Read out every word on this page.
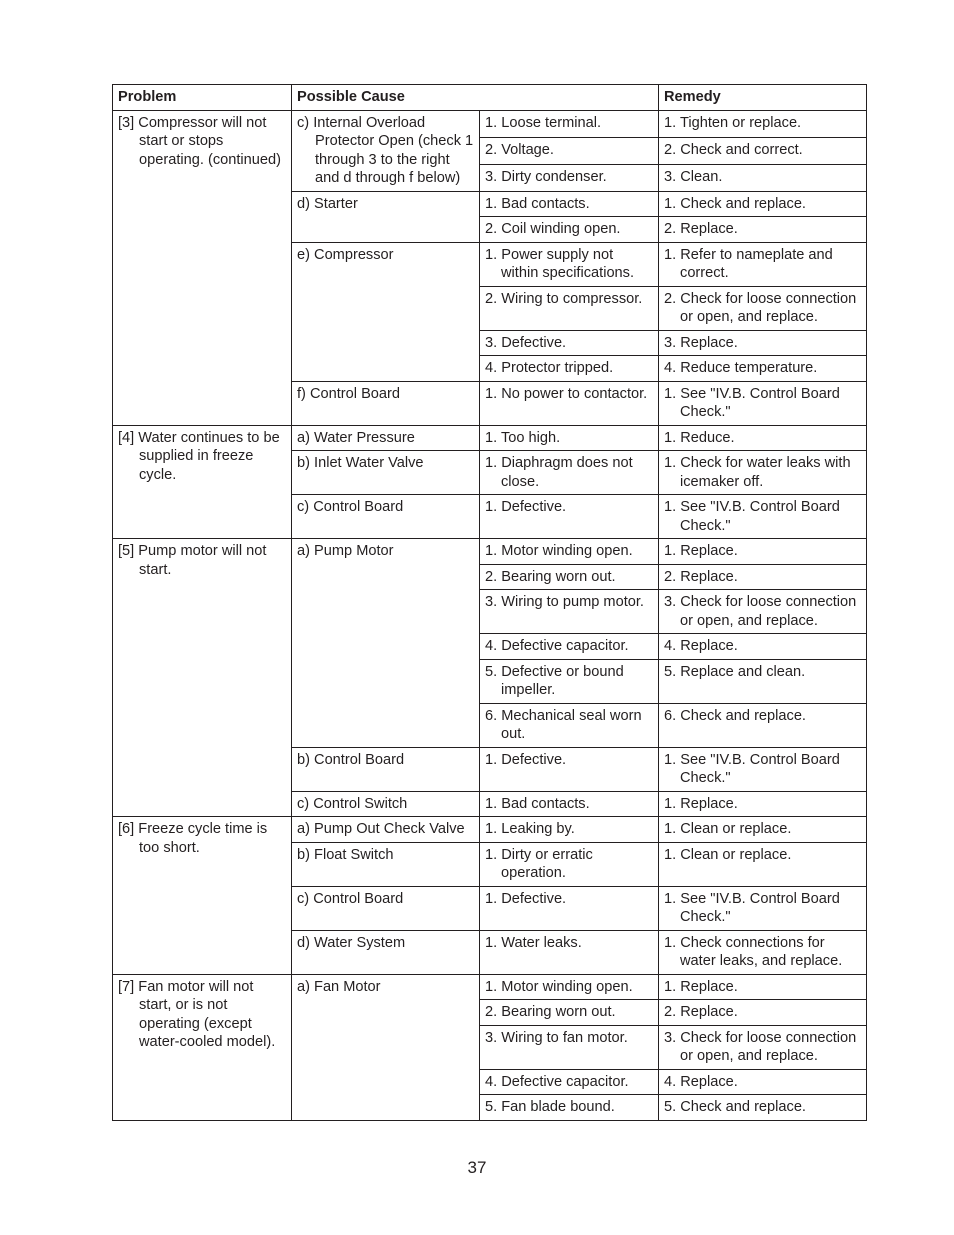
Problem	Possible Cause		Remedy
[3] Compressor will not start or stops operating. (continued)	c) Internal Overload Protector Open (check 1 through 3 to the right and d through f below)	1. Loose terminal.	1. Tighten or replace.
		2. Voltage.	2. Check and correct.
		3. Dirty condenser.	3. Clean.
	d) Starter	1. Bad contacts.	1. Check and replace.
		2. Coil winding open.	2. Replace.
	e) Compressor	1. Power supply not within specifications.	1. Refer to nameplate and correct.
		2. Wiring to compressor.	2. Check for loose connection or open, and replace.
		3. Defective.	3. Replace.
		4. Protector tripped.	4. Reduce temperature.
	f) Control Board	1. No power to contactor.	1. See "IV.B. Control Board Check."
[4] Water continues to be supplied in freeze cycle.	a) Water Pressure	1. Too high.	1. Reduce.
	b) Inlet Water Valve	1. Diaphragm does not close.	1. Check for water leaks with icemaker off.
	c) Control Board	1. Defective.	1. See "IV.B. Control Board Check."
[5] Pump motor will not start.	a) Pump Motor	1. Motor winding open.	1. Replace.
		2. Bearing worn out.	2. Replace.
		3. Wiring to pump motor.	3. Check for loose connection or open, and replace.
		4. Defective capacitor.	4. Replace.
		5. Defective or bound impeller.	5. Replace and clean.
		6. Mechanical seal worn out.	6. Check and replace.
	b) Control Board	1. Defective.	1. See "IV.B. Control Board Check."
	c) Control Switch	1. Bad contacts.	1. Replace.
[6] Freeze cycle time is too short.	a) Pump Out Check Valve	1. Leaking by.	1. Clean or replace.
	b) Float Switch	1. Dirty or erratic operation.	1. Clean or replace.
	c) Control Board	1. Defective.	1. See "IV.B. Control Board Check."
	d) Water System	1. Water leaks.	1. Check connections for water leaks, and replace.
[7] Fan motor will not start, or is not operating (except water-cooled model).	a) Fan Motor	1. Motor winding open.	1. Replace.
		2. Bearing worn out.	2. Replace.
		3. Wiring to fan motor.	3. Check for loose connection or open, and replace.
		4. Defective capacitor.	4. Replace.
		5. Fan blade bound.	5. Check and replace.
37
